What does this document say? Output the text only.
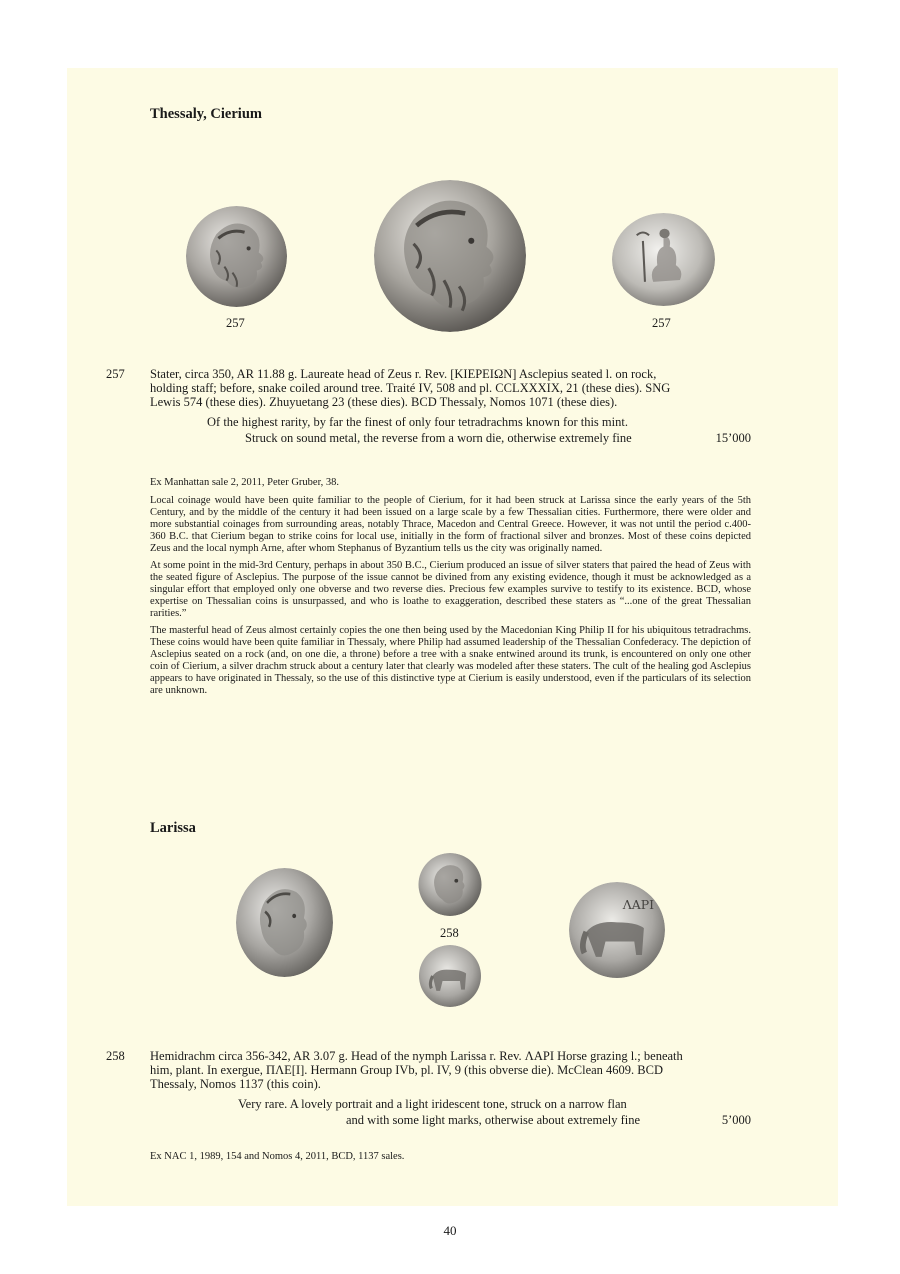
Thessaly, Cierium
257	257
257 Stater, circa 350, AR 11.88 g. Laureate head of Zeus r. Rev. [ΚΙΕΡΕΙΩΝ] Asclepius seated l. on rock,
holding staff; before, snake coiled around tree. Traité IV, 508 and pl. CCLXXXIX, 21 (these dies). SNG
Lewis 574 (these dies). Zhuyuetang 23 (these dies). BCD Thessaly, Nomos 1071 (these dies).
Of the highest rarity, by far the finest of only four tetradrachms known for this mint.
Struck on sound metal, the reverse from a worn die, otherwise extremely fine	15’000
Ex Manhattan sale 2, 2011, Peter Gruber, 38.

Local coinage would have been quite familiar to the people of Cierium, for it had been struck at Larissa since the early years of the 5th Century, and by the middle of the century it had been issued on a large scale by a few Thessalian cities. Furthermore, there were older and more substantial coinages from surrounding areas, notably Thrace, Macedon and Central Greece. However, it was not until the period c.400-360 B.C. that Cierium began to strike coins for local use, initially in the form of fractional silver and bronzes. Most of these coins depicted Zeus and the local nymph Arne, after whom Stephanus of Byzantium tells us the city was originally named.

At some point in the mid-3rd Century, perhaps in about 350 B.C., Cierium produced an issue of silver staters that paired the head of Zeus with the seated figure of Asclepius. The purpose of the issue cannot be divined from any existing evidence, though it must be acknowledged as a singular effort that employed only one obverse and two reverse dies. Precious few examples survive to testify to its existence. BCD, whose expertise on Thessalian coins is unsurpassed, and who is loathe to exaggeration, described these staters as “...one of the great Thessalian rarities.”

The masterful head of Zeus almost certainly copies the one then being used by the Macedonian King Philip II for his ubiquitous tetradrachms. These coins would have been quite familiar in Thessaly, where Philip had assumed leadership of the Thessalian Confederacy. The depiction of Asclepius seated on a rock (and, on one die, a throne) before a tree with a snake entwined around its trunk, is encountered on only one other coin of Cierium, a silver drachm struck about a century later that clearly was modeled after these staters. The cult of the healing god Asclepius appears to have originated in Thessaly, so the use of this distinctive type at Cierium is easily understood, even if the particulars of its selection are unknown.

Larissa
258
ΛΑΡΙ
258 Hemidrachm circa 356-342, AR 3.07 g. Head of the nymph Larissa r. Rev. ΛΑΡΙ Horse grazing l.; beneath
him, plant. In exergue, ΠΛΕ[Ι]. Hermann Group IVb, pl. IV, 9 (this obverse die). McClean 4609. BCD
Thessaly, Nomos 1137 (this coin).
Very rare. A lovely portrait and a light iridescent tone, struck on a narrow flan
and with some light marks, otherwise about extremely fine	5’000
Ex NAC 1, 1989, 154 and Nomos 4, 2011, BCD, 1137 sales.
40
